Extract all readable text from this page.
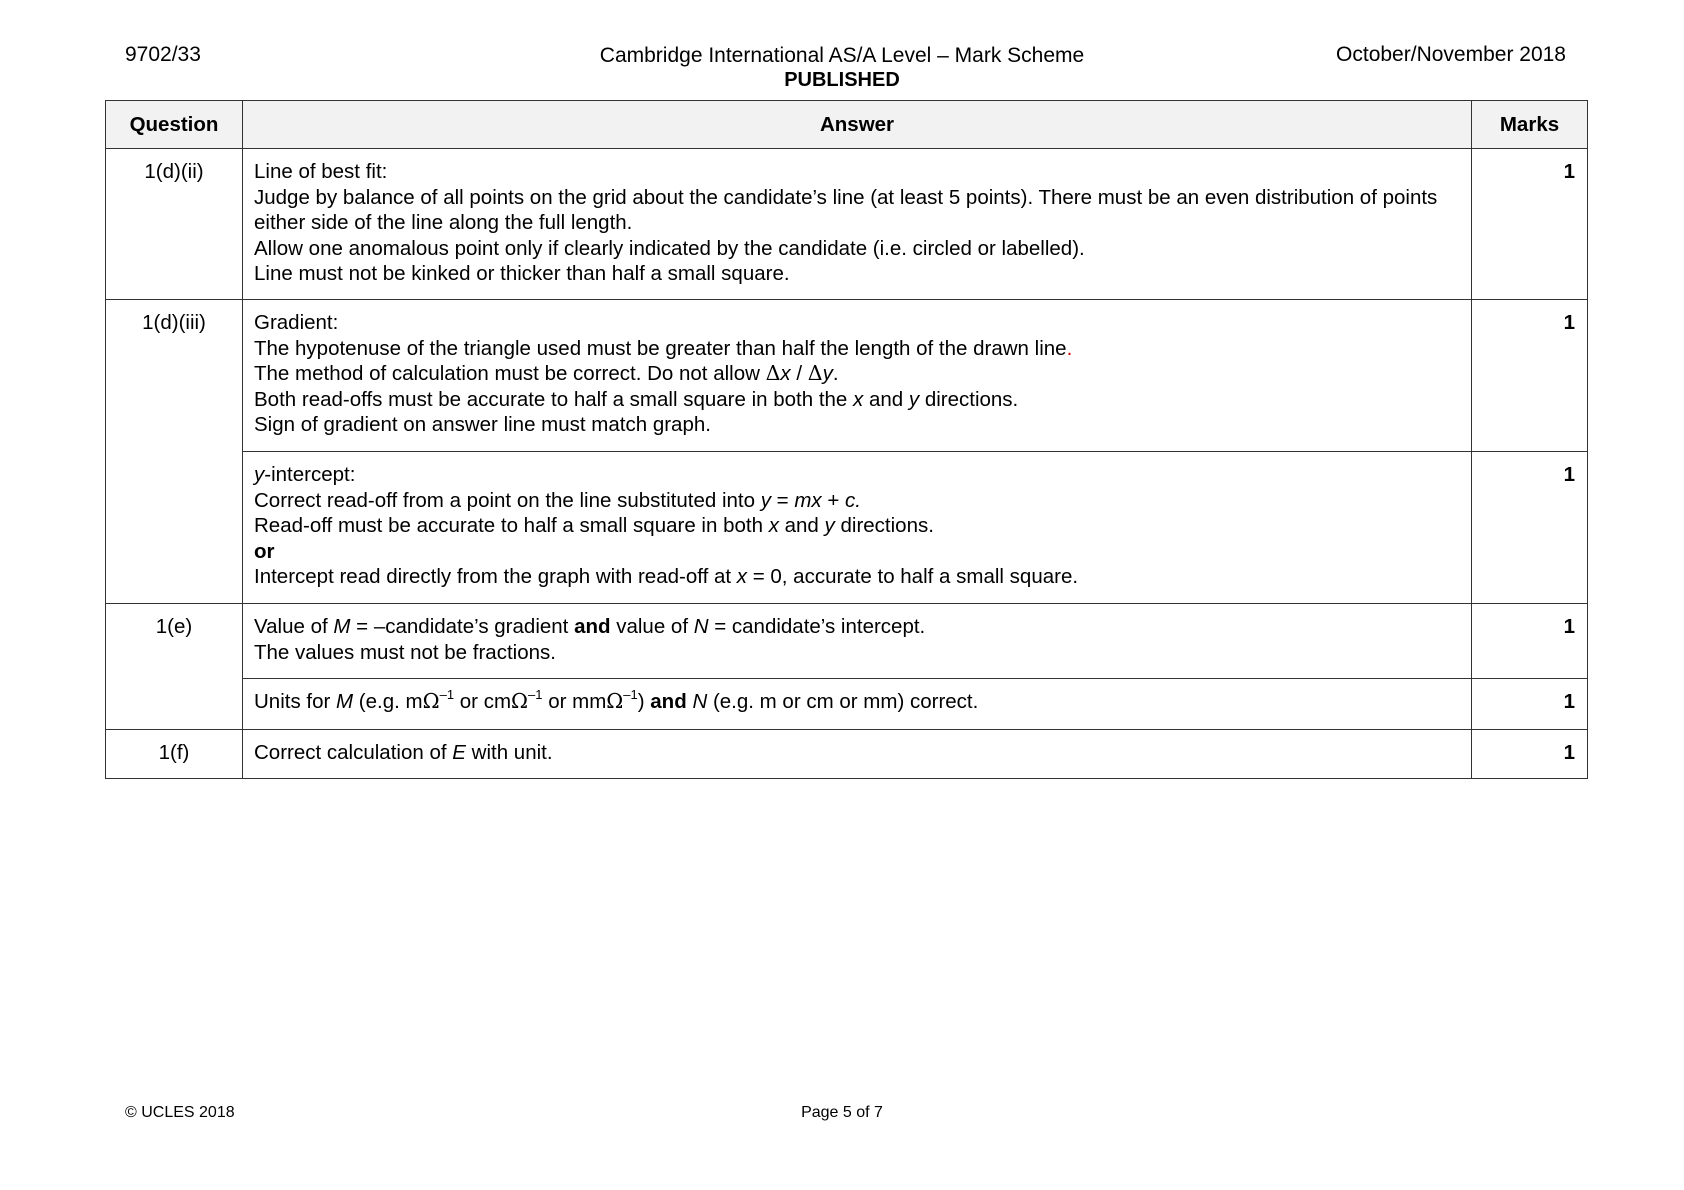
9702/33	Cambridge International AS/A Level – Mark Scheme
PUBLISHED
October/November 2018
Question	Answer	Marks
1(d)(ii)	Line of best fit:
Judge by balance of all points on the grid about the candidate’s line (at least 5 points). There must be an even distribution of points either side of the line along the full length.
Allow one anomalous point only if clearly indicated by the candidate (i.e. circled or labelled).
Line must not be kinked or thicker than half a small square.	1
1(d)(iii)	Gradient:
The hypotenuse of the triangle used must be greater than half the length of the drawn line.
The method of calculation must be correct. Do not allow Δx / Δy.
Both read-offs must be accurate to half a small square in both the x and y directions.
Sign of gradient on answer line must match graph.	1

	y-intercept:
Correct read-off from a point on the line substituted into y = mx + c.
Read-off must be accurate to half a small square in both x and y directions.
or
Intercept read directly from the graph with read-off at x = 0, accurate to half a small square.	1
1(e)	Value of M = –candidate’s gradient and value of N = candidate’s intercept.
The values must not be fractions.	1

	Units for M (e.g. $m\Omega^{-1}$ or cmΩ$^{-1}$ or mmΩ$^{-1}$) and N (e.g. m or cm or mm) correct.	1
1(f)	Correct calculation of E with unit.	1
© UCLES 2018	Page 5 of 7
